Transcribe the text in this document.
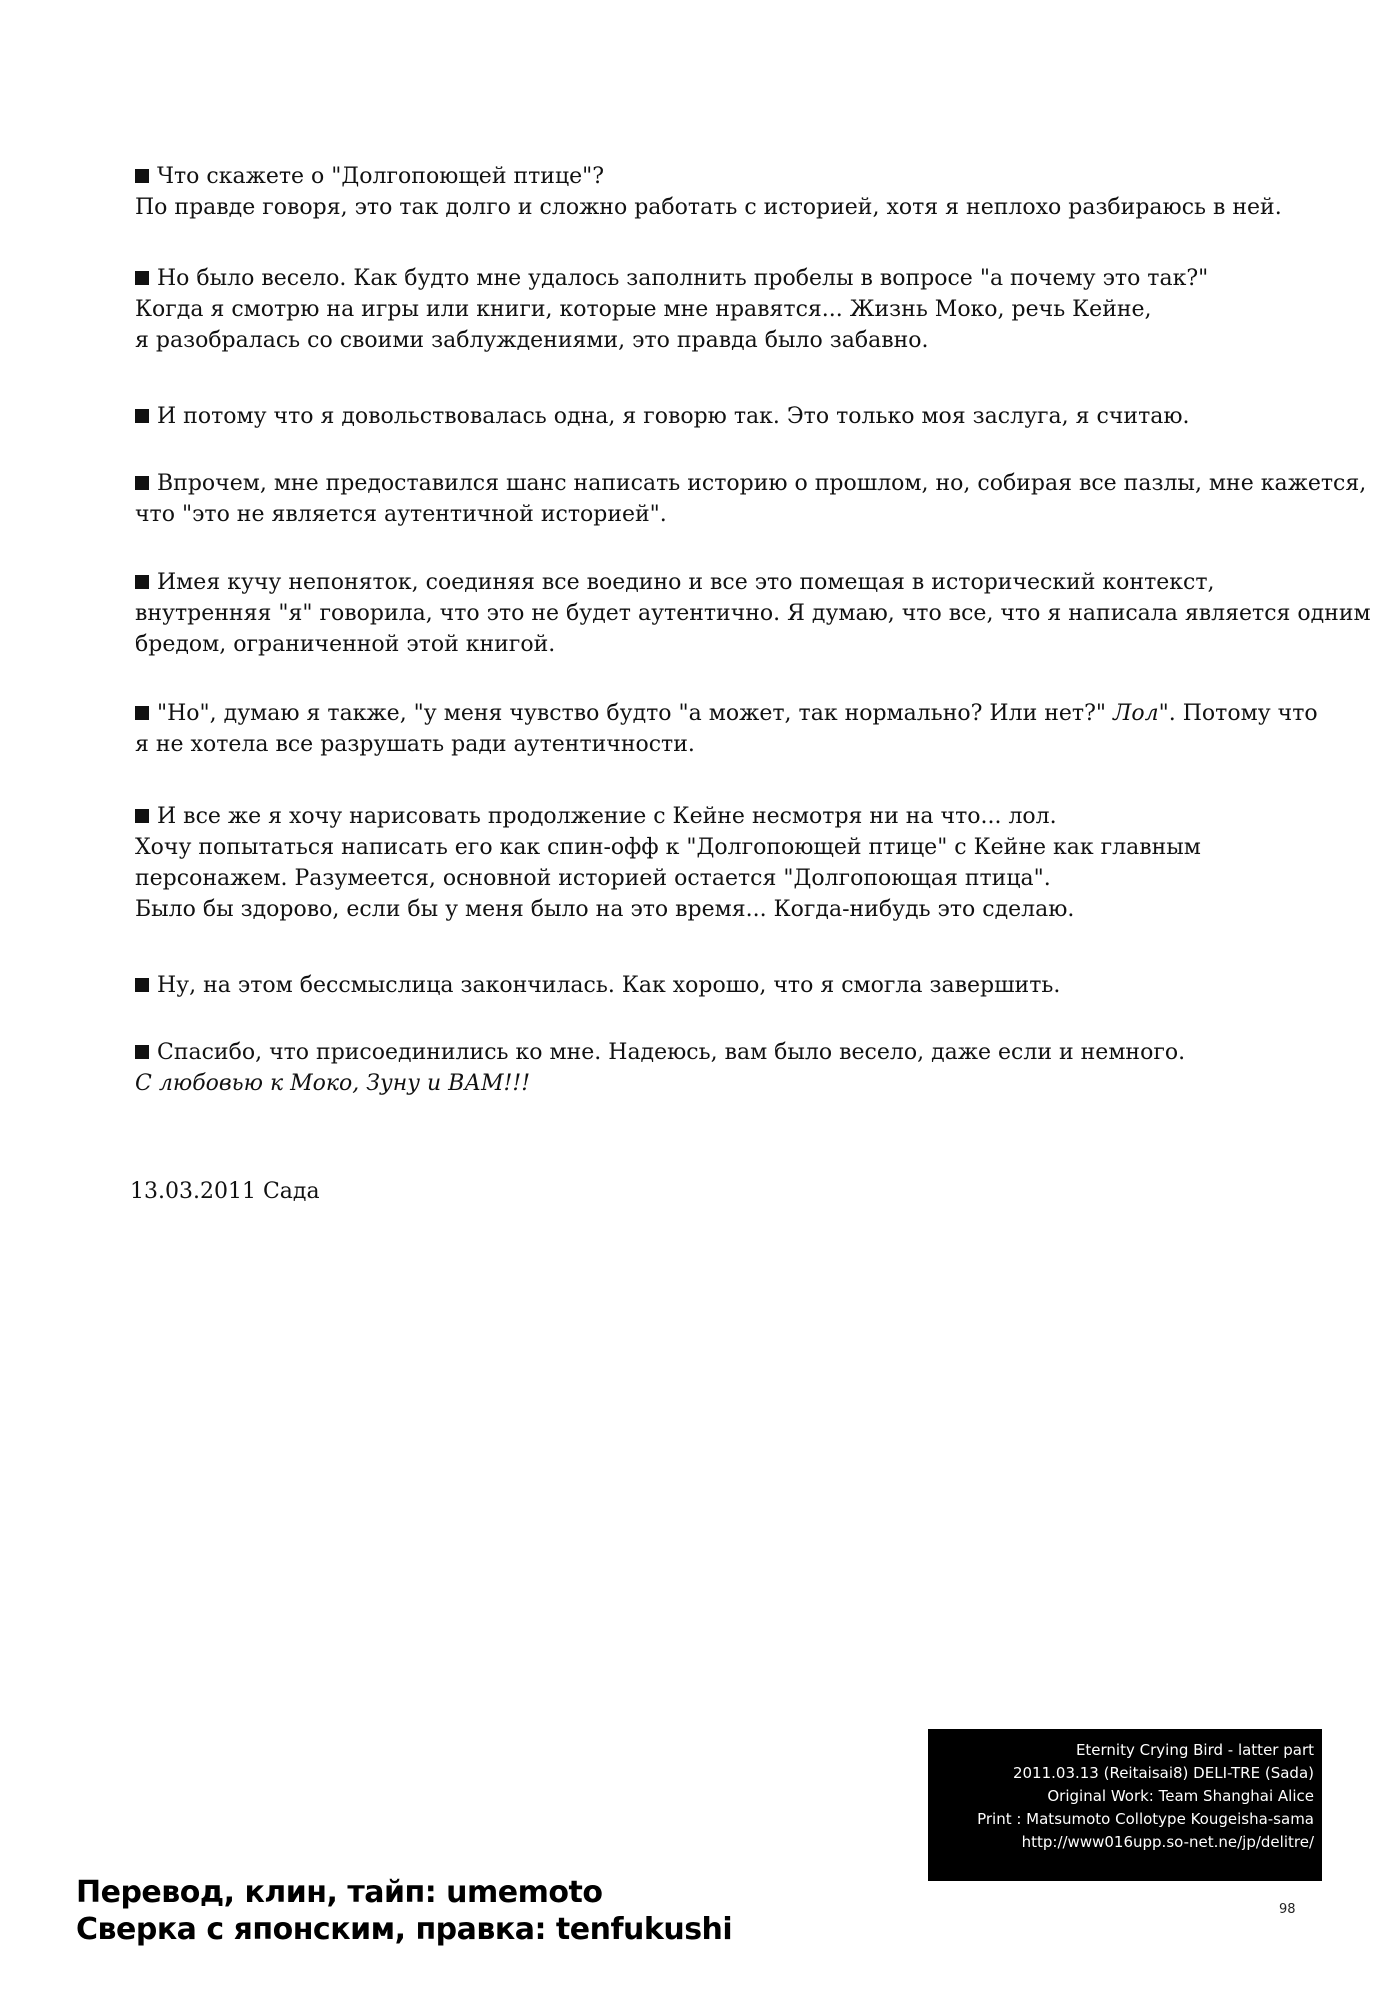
Что скажете о "Долгопоющей птице"?
По правде говоря, это так долго и сложно работать с историей, хотя я неплохо разбираюсь в ней.
Но было весело. Как будто мне удалось заполнить пробелы в вопросе "а почему это так?"
Когда я смотрю на игры или книги, которые мне нравятся... Жизнь Моко, речь Кейне,
я разобралась со своими заблуждениями, это правда было забавно.
И потому что я довольствовалась одна, я говорю так. Это только моя заслуга, я считаю.
Впрочем, мне предоставился шанс написать историю о прошлом, но, собирая все пазлы, мне кажется,
что "это не является аутентичной историей".
Имея кучу непоняток, соединяя все воедино и все это помещая в исторический контекст,
внутренняя "я" говорила, что это не будет аутентично. Я думаю, что все, что я написала является одним
бредом, ограниченной этой книгой.
"Но", думаю я также, "у меня чувство будто "а может, так нормально? Или нет?" Лол". Потому что
я не хотела все разрушать ради аутентичности.
И все же я хочу нарисовать продолжение с Кейне несмотря ни на что... лол.
Хочу попытаться написать его как спин-офф к "Долгопоющей птице" с Кейне как главным
персонажем. Разумеется, основной историей остается "Долгопоющая птица".
Было бы здорово, если бы у меня было на это время... Когда-нибудь это сделаю.
Ну, на этом бессмыслица закончилась. Как хорошо, что я смогла завершить.
Спасибо, что присоединились ко мне. Надеюсь, вам было весело, даже если и немного.
С любовью к Моко, Зуну и ВАМ!!!
13.03.2011 Сада
Eternity Crying Bird - latter part
2011.03.13 (Reitaisai8) DELI-TRE (Sada)
Original Work: Team Shanghai Alice
Print : Matsumoto Collotype Kougeisha-sama
http://www016upp.so-net.ne/jp/delitre/
Перевод, клин, тайп: umemoto
Сверка с японским, правка: tenfukushi
98
